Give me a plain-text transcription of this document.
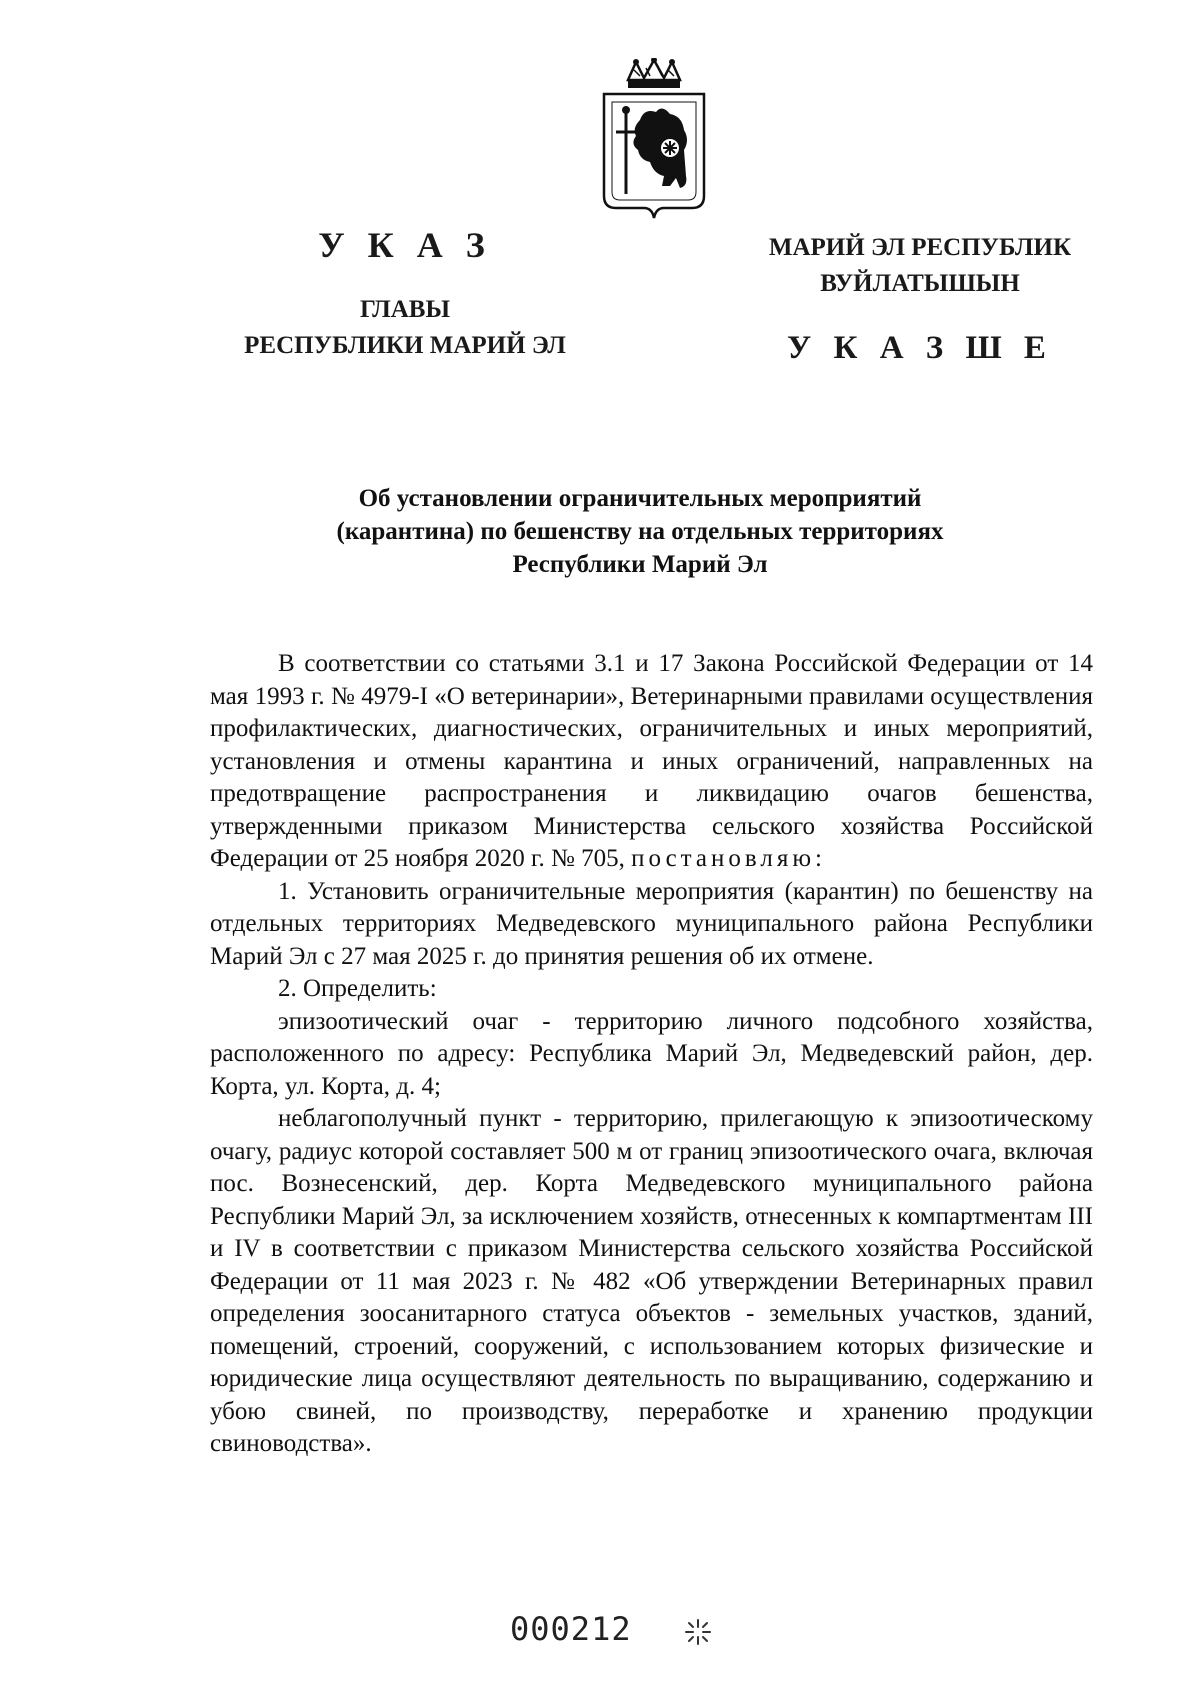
У К А З
ГЛАВЫ
РЕСПУБЛИКИ МАРИЙ ЭЛ
МАРИЙ ЭЛ РЕСПУБЛИК
ВУЙЛАТЫШЫН
У К А З Ш Е
Об установлении ограничительных мероприятий
(карантина) по бешенству на отдельных территориях
Республики Марий Эл

В соответствии со статьями 3.1 и 17 Закона Российской Федерации от 14 мая 1993 г. № 4979-I «О ветеринарии», Ветеринарными правилами осуществления профилактических, диагностических, ограничительных и иных мероприятий, установления и отмены карантина и иных ограничений, направленных на предотвращение распространения и ликвидацию очагов бешенства, утвержденными приказом Министерства сельского хозяйства Российской Федерации от 25 ноября 2020 г. № 705, постановляю:

1. Установить ограничительные мероприятия (карантин) по бешенству на отдельных территориях Медведевского муниципального района Республики Марий Эл с 27 мая 2025 г. до принятия решения об их отмене.

2. Определить:

эпизоотический очаг - территорию личного подсобного хозяйства, расположенного по адресу: Республика Марий Эл, Медведевский район, дер. Корта, ул. Корта, д. 4;

неблагополучный пункт - территорию, прилегающую к эпизоотическому очагу, радиус которой составляет 500 м от границ эпизоотического очага, включая пос. Вознесенский, дер. Корта Медведевского муниципального района Республики Марий Эл, за исключением хозяйств, отнесенных к компартментам III и IV в соответствии с приказом Министерства сельского хозяйства Российской Федерации от 11 мая 2023 г. № 482 «Об утверждении Ветеринарных правил определения зоосанитарного статуса объектов - земельных участков, зданий, помещений, строений, сооружений, с использованием которых физические и юридические лица осуществляют деятельность по выращиванию, содержанию и убою свиней, по производству, переработке и хранению продукции свиноводства».

000212
